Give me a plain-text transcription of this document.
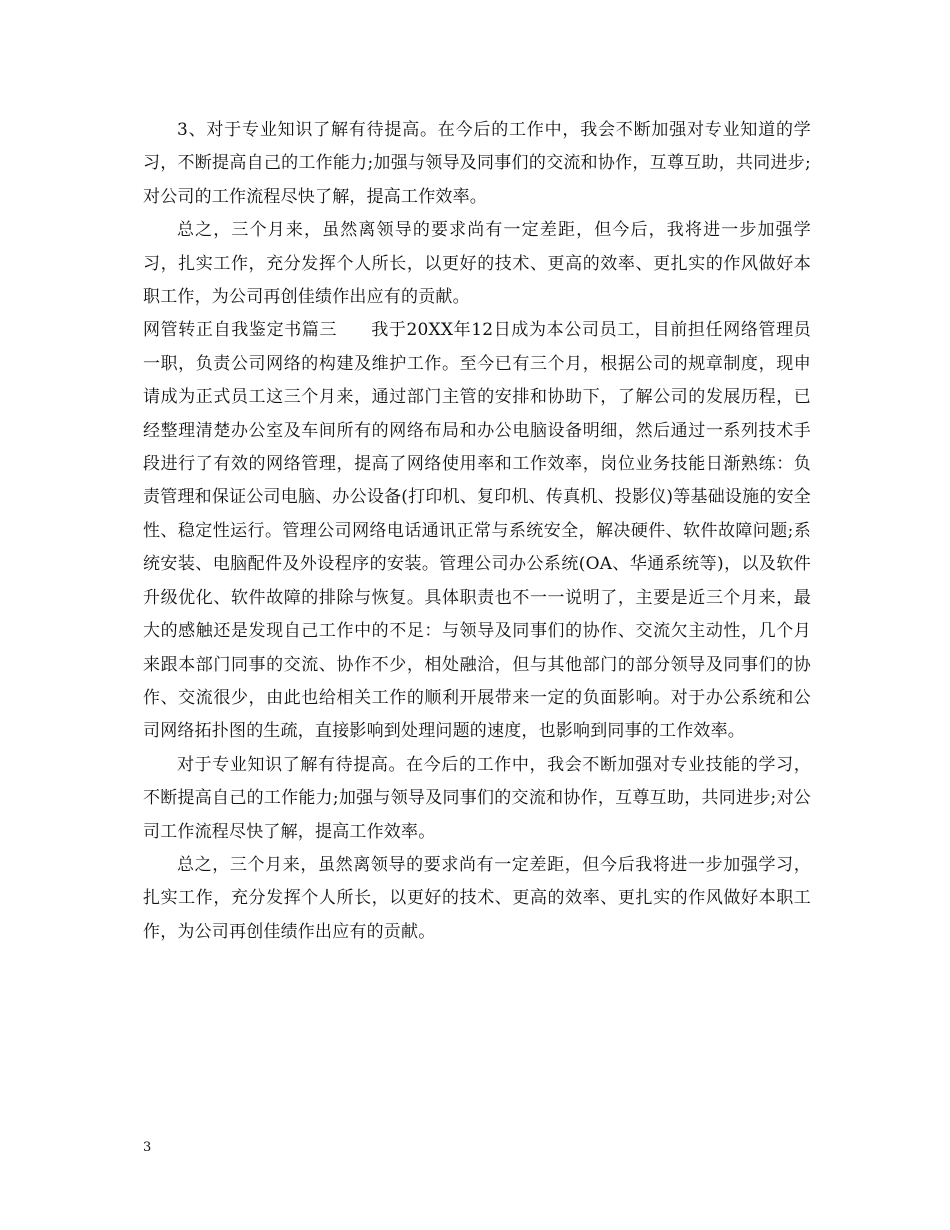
3、对于专业知识了解有待提高。在今后的工作中，我会不断加强对专业知道的学习，不断提高自己的工作能力;加强与领导及同事们的交流和协作，互尊互助，共同进步;对公司的工作流程尽快了解，提高工作效率。

总之，三个月来，虽然离领导的要求尚有一定差距，但今后，我将进一步加强学习，扎实工作，充分发挥个人所长，以更好的技术、更高的效率、更扎实的作风做好本职工作，为公司再创佳绩作出应有的贡献。

网管转正自我鉴定书篇三 我于20XX年12日成为本公司员工，目前担任网络管理员一职，负责公司网络的构建及维护工作。至今已有三个月，根据公司的规章制度，现申请成为正式员工这三个月来，通过部门主管的安排和协助下，了解公司的发展历程，已经整理清楚办公室及车间所有的网络布局和办公电脑设备明细，然后通过一系列技术手段进行了有效的网络管理，提高了网络使用率和工作效率，岗位业务技能日渐熟练：负责管理和保证公司电脑、办公设备(打印机、复印机、传真机、投影仪)等基础设施的安全性、稳定性运行。管理公司网络电话通讯正常与系统安全，解决硬件、软件故障问题;系统安装、电脑配件及外设程序的安装。管理公司办公系统(OA、华通系统等)，以及软件升级优化、软件故障的排除与恢复。具体职责也不一一说明了，主要是近三个月来，最大的感触还是发现自己工作中的不足：与领导及同事们的协作、交流欠主动性，几个月来跟本部门同事的交流、协作不少，相处融洽，但与其他部门的部分领导及同事们的协作、交流很少，由此也给相关工作的顺利开展带来一定的负面影响。对于办公系统和公司网络拓扑图的生疏，直接影响到处理问题的速度，也影响到同事的工作效率。

对于专业知识了解有待提高。在今后的工作中，我会不断加强对专业技能的学习，不断提高自己的工作能力;加强与领导及同事们的交流和协作，互尊互助，共同进步;对公司工作流程尽快了解，提高工作效率。

总之，三个月来，虽然离领导的要求尚有一定差距，但今后我将进一步加强学习，扎实工作，充分发挥个人所长，以更好的技术、更高的效率、更扎实的作风做好本职工作，为公司再创佳绩作出应有的贡献。

3
